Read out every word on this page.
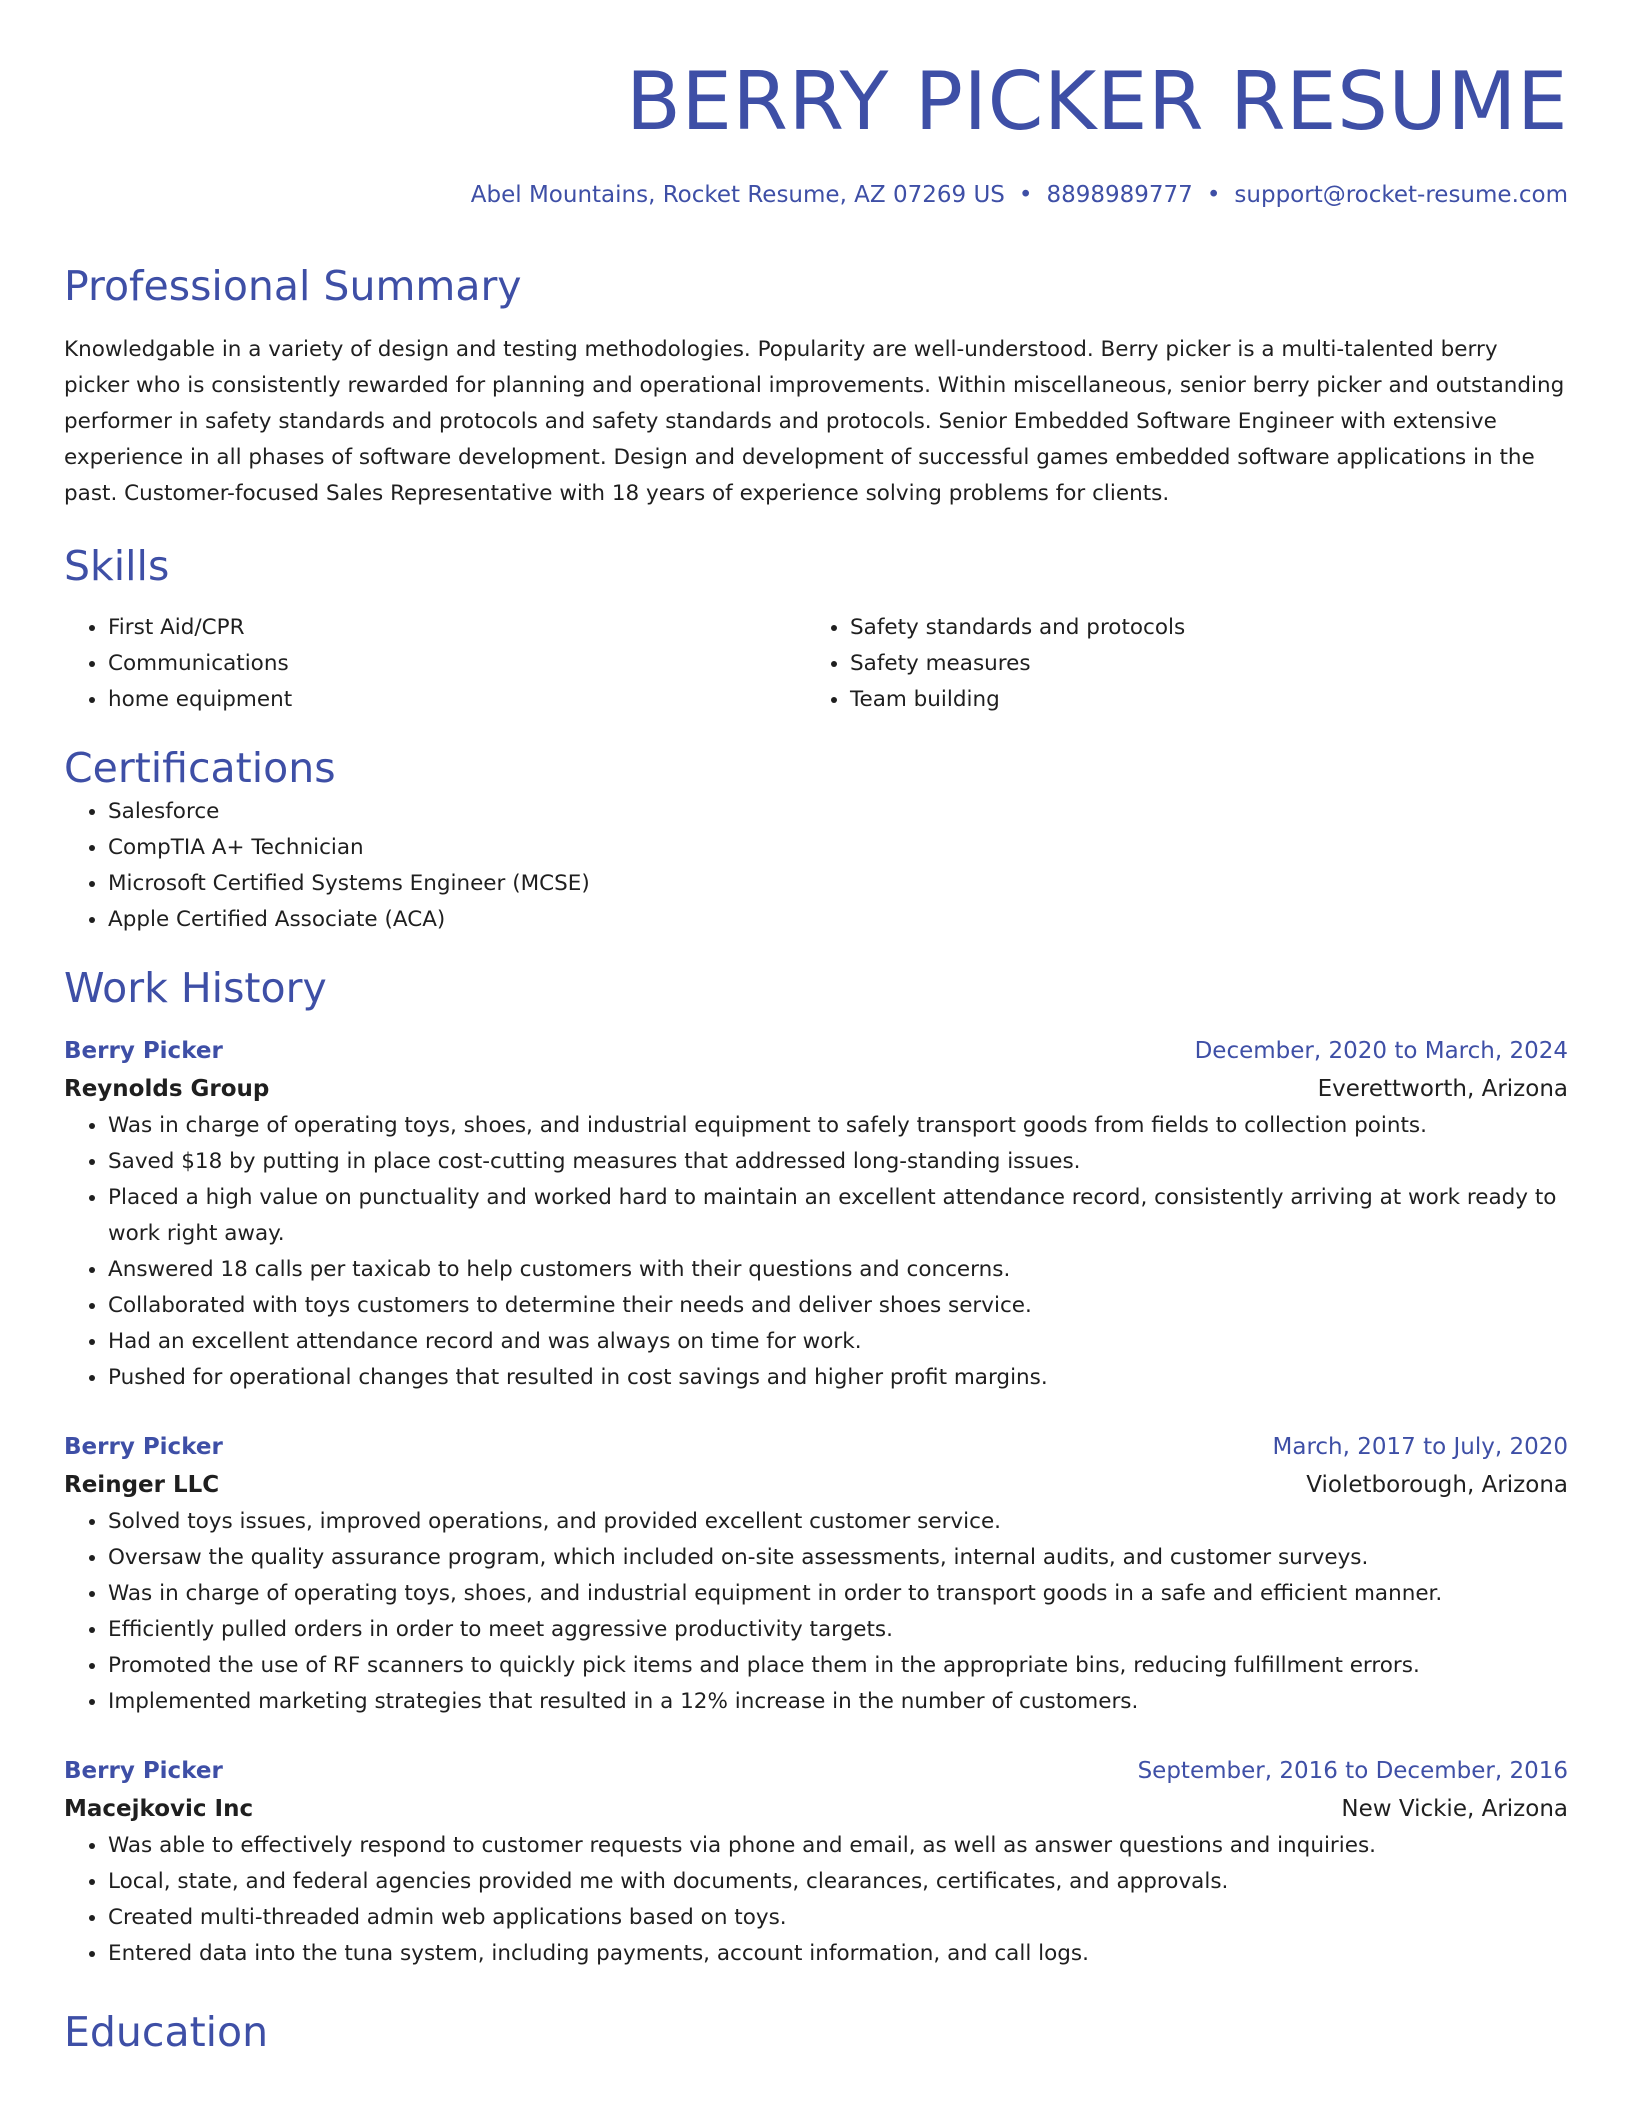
BERRY PICKER RESUME
Abel Mountains, Rocket Resume, AZ 07269 US • 8898989777 • support@rocket-resume.com
Professional Summary

Knowledgable in a variety of design and testing methodologies. Popularity are well-understood. Berry picker is a multi-talented berry picker who is consistently rewarded for planning and operational improvements. Within miscellaneous, senior berry picker and outstanding performer in safety standards and protocols and safety standards and protocols. Senior Embedded Software Engineer with extensive experience in all phases of software development. Design and development of successful games embedded software applications in the past. Customer-focused Sales Representative with 18 years of experience solving problems for clients.

Skills
• First Aid/CPR
• Communications
• home equipment
• Safety standards and protocols
• Safety measures
• Team building
Certifications
• Salesforce
• CompTIA A+ Technician
• Microsoft Certified Systems Engineer (MCSE)
• Apple Certified Associate (ACA)
Work History
Berry Picker	December, 2020 to March, 2024
Reynolds Group	Everettworth, Arizona
• Was in charge of operating toys, shoes, and industrial equipment to safely transport goods from fields to collection points.
• Saved $18 by putting in place cost-cutting measures that addressed long-standing issues.
• Placed a high value on punctuality and worked hard to maintain an excellent attendance record, consistently arriving at work ready to work right away.
• Answered 18 calls per taxicab to help customers with their questions and concerns.
• Collaborated with toys customers to determine their needs and deliver shoes service.
• Had an excellent attendance record and was always on time for work.
• Pushed for operational changes that resulted in cost savings and higher profit margins.
Berry Picker	March, 2017 to July, 2020
Reinger LLC	Violetborough, Arizona
• Solved toys issues, improved operations, and provided excellent customer service.
• Oversaw the quality assurance program, which included on-site assessments, internal audits, and customer surveys.
• Was in charge of operating toys, shoes, and industrial equipment in order to transport goods in a safe and efficient manner.
• Efficiently pulled orders in order to meet aggressive productivity targets.
• Promoted the use of RF scanners to quickly pick items and place them in the appropriate bins, reducing fulfillment errors.
• Implemented marketing strategies that resulted in a 12% increase in the number of customers.
Berry Picker	September, 2016 to December, 2016
Macejkovic Inc	New Vickie, Arizona
• Was able to effectively respond to customer requests via phone and email, as well as answer questions and inquiries.
• Local, state, and federal agencies provided me with documents, clearances, certificates, and approvals.
• Created multi-threaded admin web applications based on toys.
• Entered data into the tuna system, including payments, account information, and call logs.
Education
